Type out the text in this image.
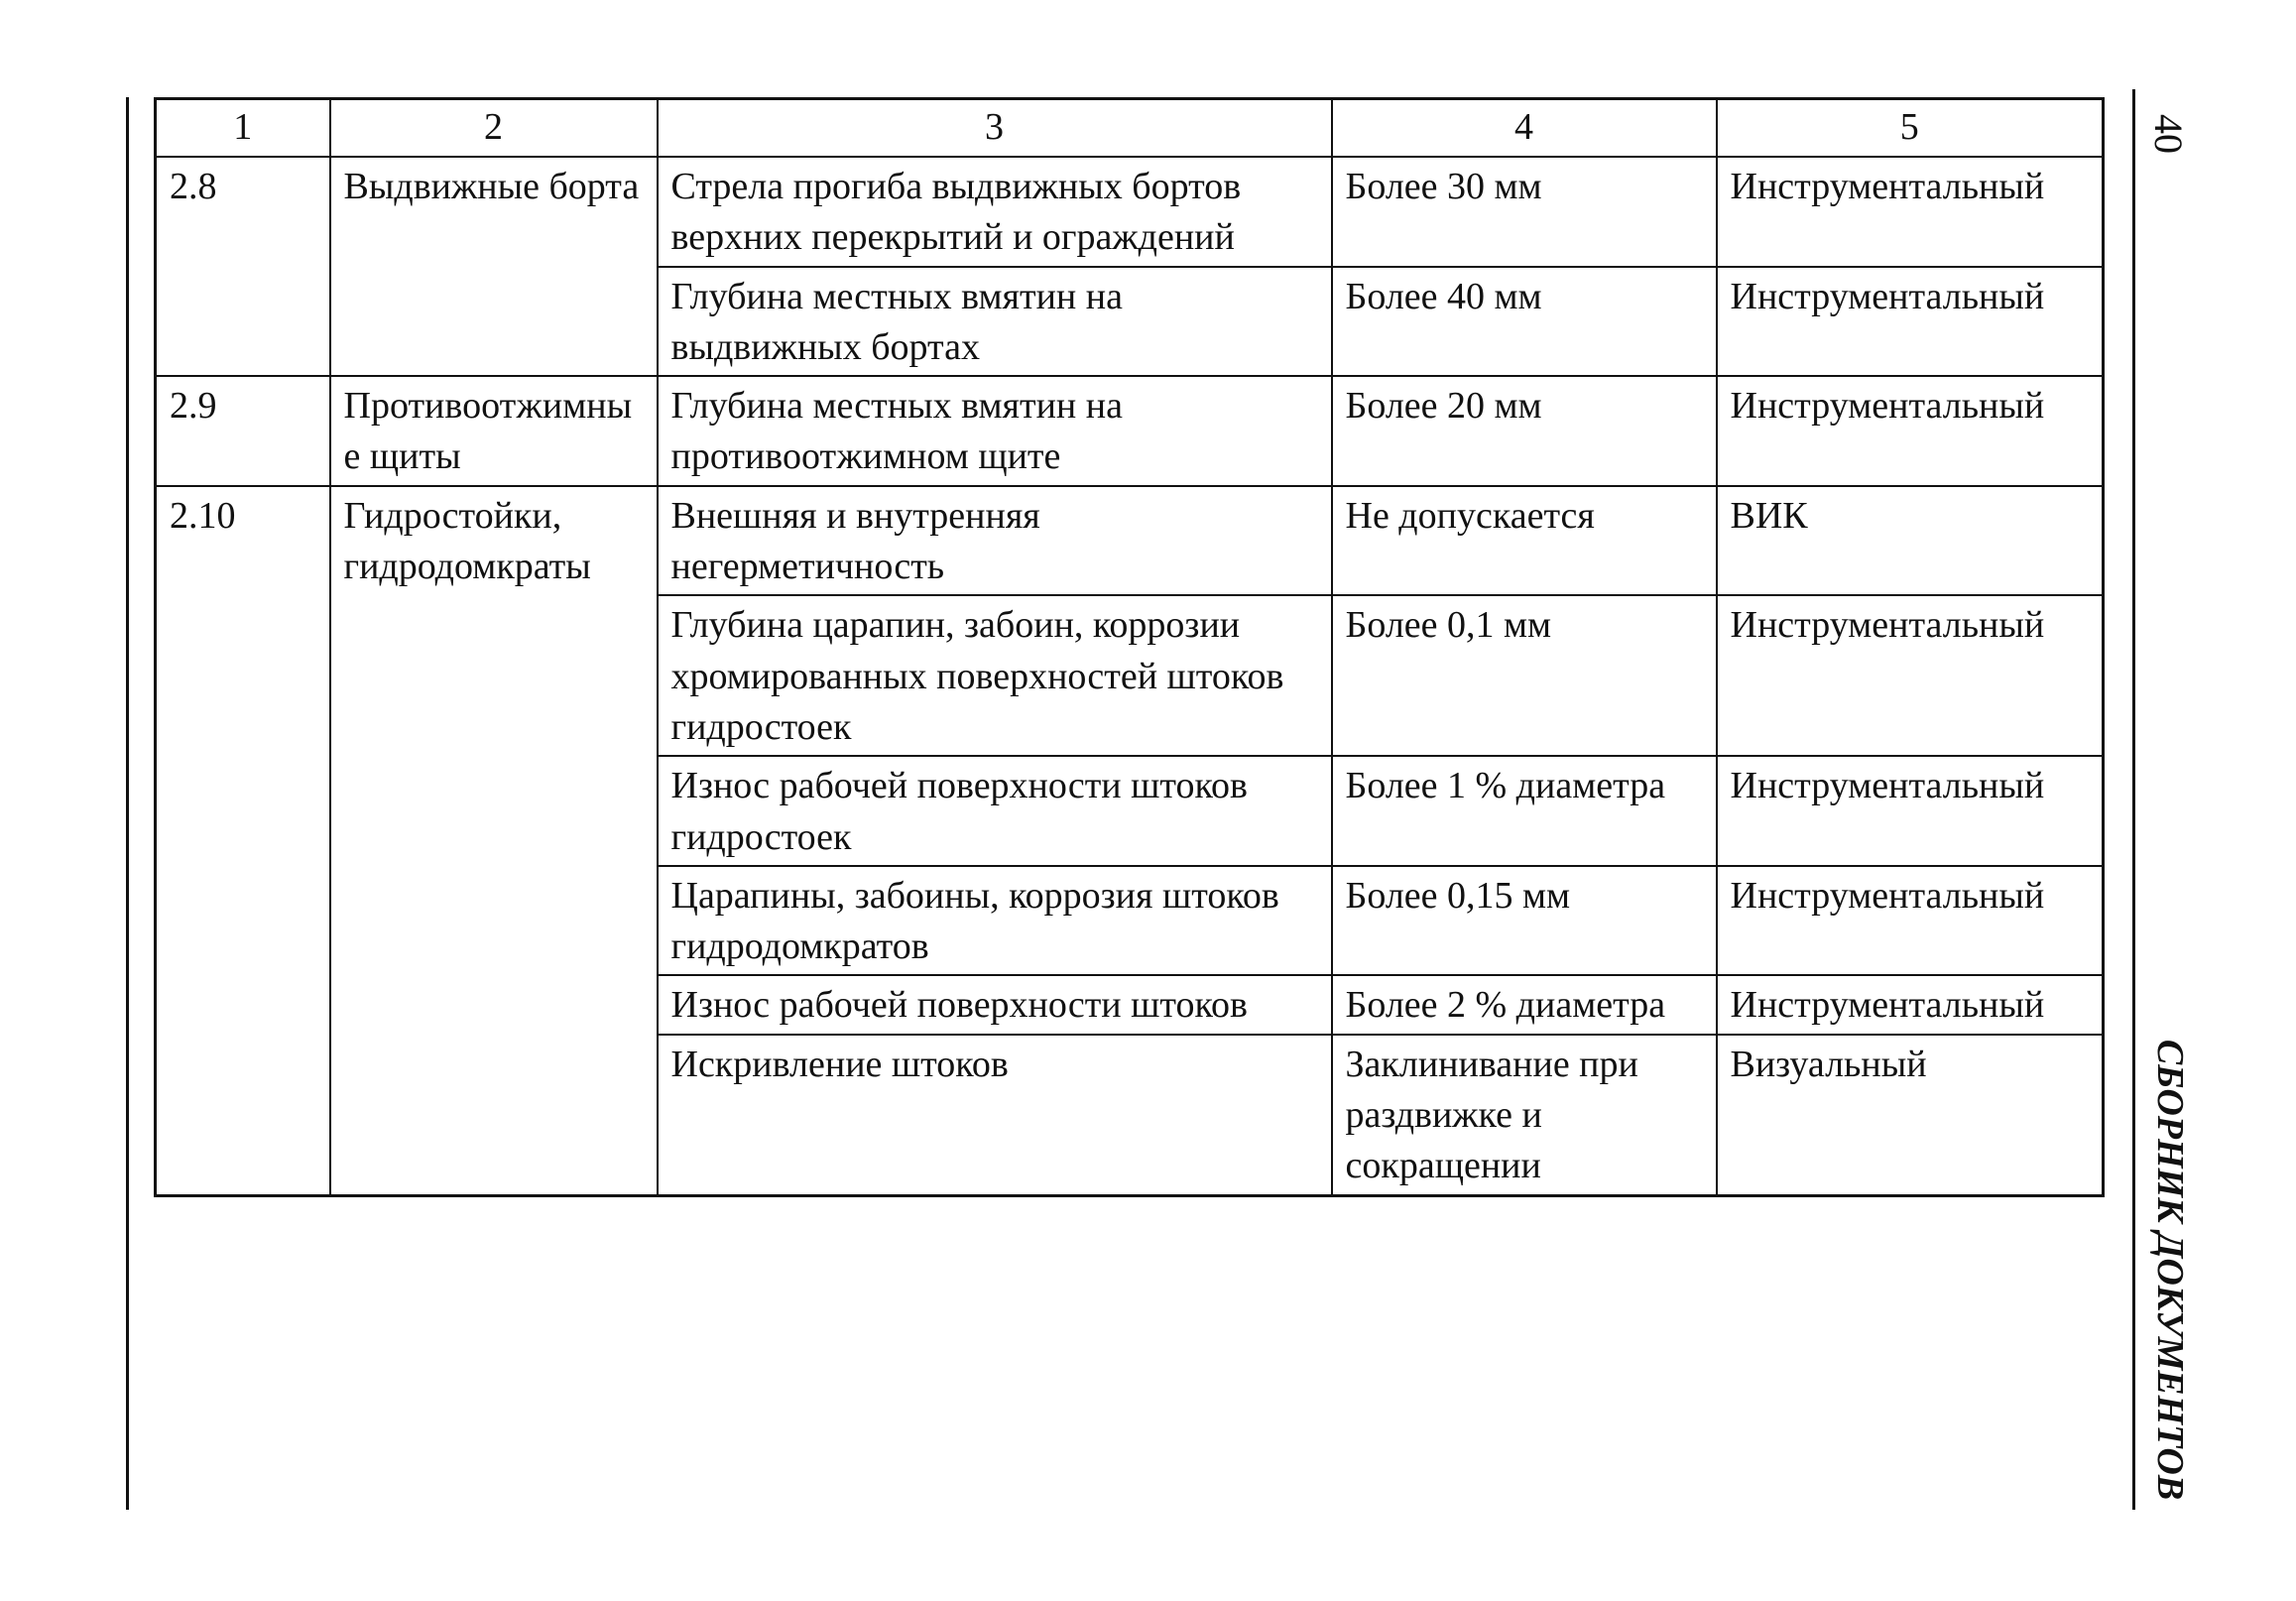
40
СБОРНИК ДОКУМЕНТОВ
1	2	3	4	5
2.8	Выдвижные борта	Стрела прогиба выдвижных бортов верхних перекрытий и ограждений	Более 30 мм	Инструментальный
		Глубина местных вмятин на выдвижных бортах	Более 40 мм	Инструментальный
2.9	Противоотжимные щиты	Глубина местных вмятин на противоотжимном щите	Более 20 мм	Инструментальный
2.10	Гидростойки, гидродомкраты	Внешняя и внутренняя негерметичность	Не допускается	ВИК
		Глубина царапин, забоин, коррозии хромированных поверхностей штоков гидростоек	Более 0,1 мм	Инструментальный
		Износ рабочей поверхности штоков гидростоек	Более 1 % диаметра	Инструментальный
		Царапины, забоины, коррозия штоков гидродомкратов	Более 0,15 мм	Инструментальный
		Износ рабочей поверхности штоков	Более 2 % диаметра	Инструментальный
		Искривление штоков	Заклинивание при раздвижке и сокращении	Визуальный
